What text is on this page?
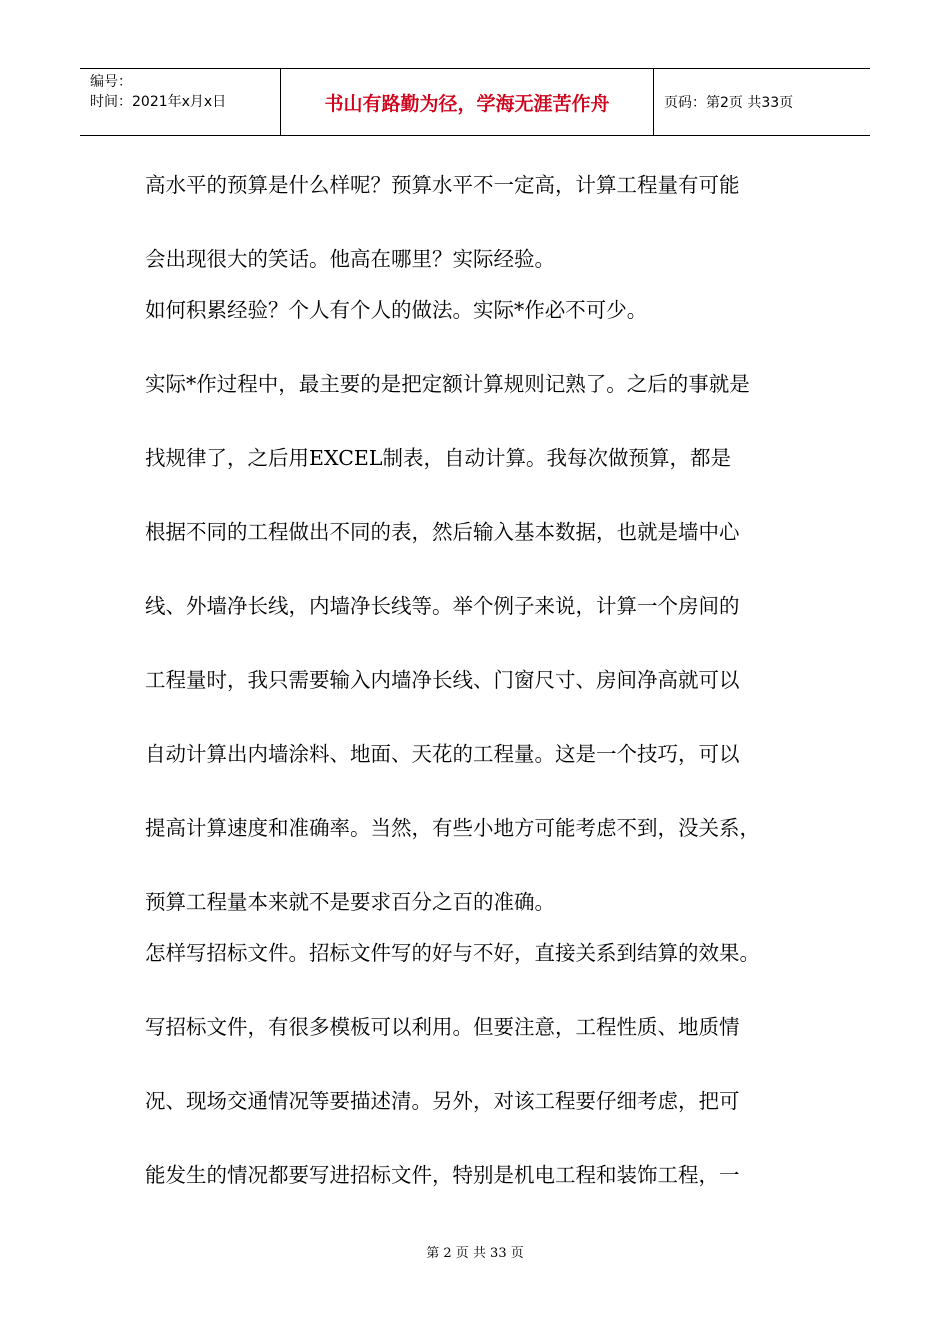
编号：
时间：2021年x月x日	书山有路勤为径，学海无涯苦作舟	页码：第2页 共33页
高水平的预算是什么样呢？预算水平不一定高，计算工程量有可能
会出现很大的笑话。他高在哪里？实际经验。
如何积累经验？个人有个人的做法。实际*作必不可少。
实际*作过程中，最主要的是把定额计算规则记熟了。之后的事就是
找规律了，之后用EXCEL制表，自动计算。我每次做预算，都是
根据不同的工程做出不同的表，然后输入基本数据，也就是墙中心
线、外墙净长线，内墙净长线等。举个例子来说，计算一个房间的
工程量时，我只需要输入内墙净长线、门窗尺寸、房间净高就可以
自动计算出内墙涂料、地面、天花的工程量。这是一个技巧，可以
提高计算速度和准确率。当然，有些小地方可能考虑不到，没关系，
预算工程量本来就不是要求百分之百的准确。
怎样写招标文件。招标文件写的好与不好，直接关系到结算的效果。
写招标文件，有很多模板可以利用。但要注意，工程性质、地质情
况、现场交通情况等要描述清。另外，对该工程要仔细考虑，把可
能发生的情况都要写进招标文件，特别是机电工程和装饰工程，一
第 2 页 共 33 页
